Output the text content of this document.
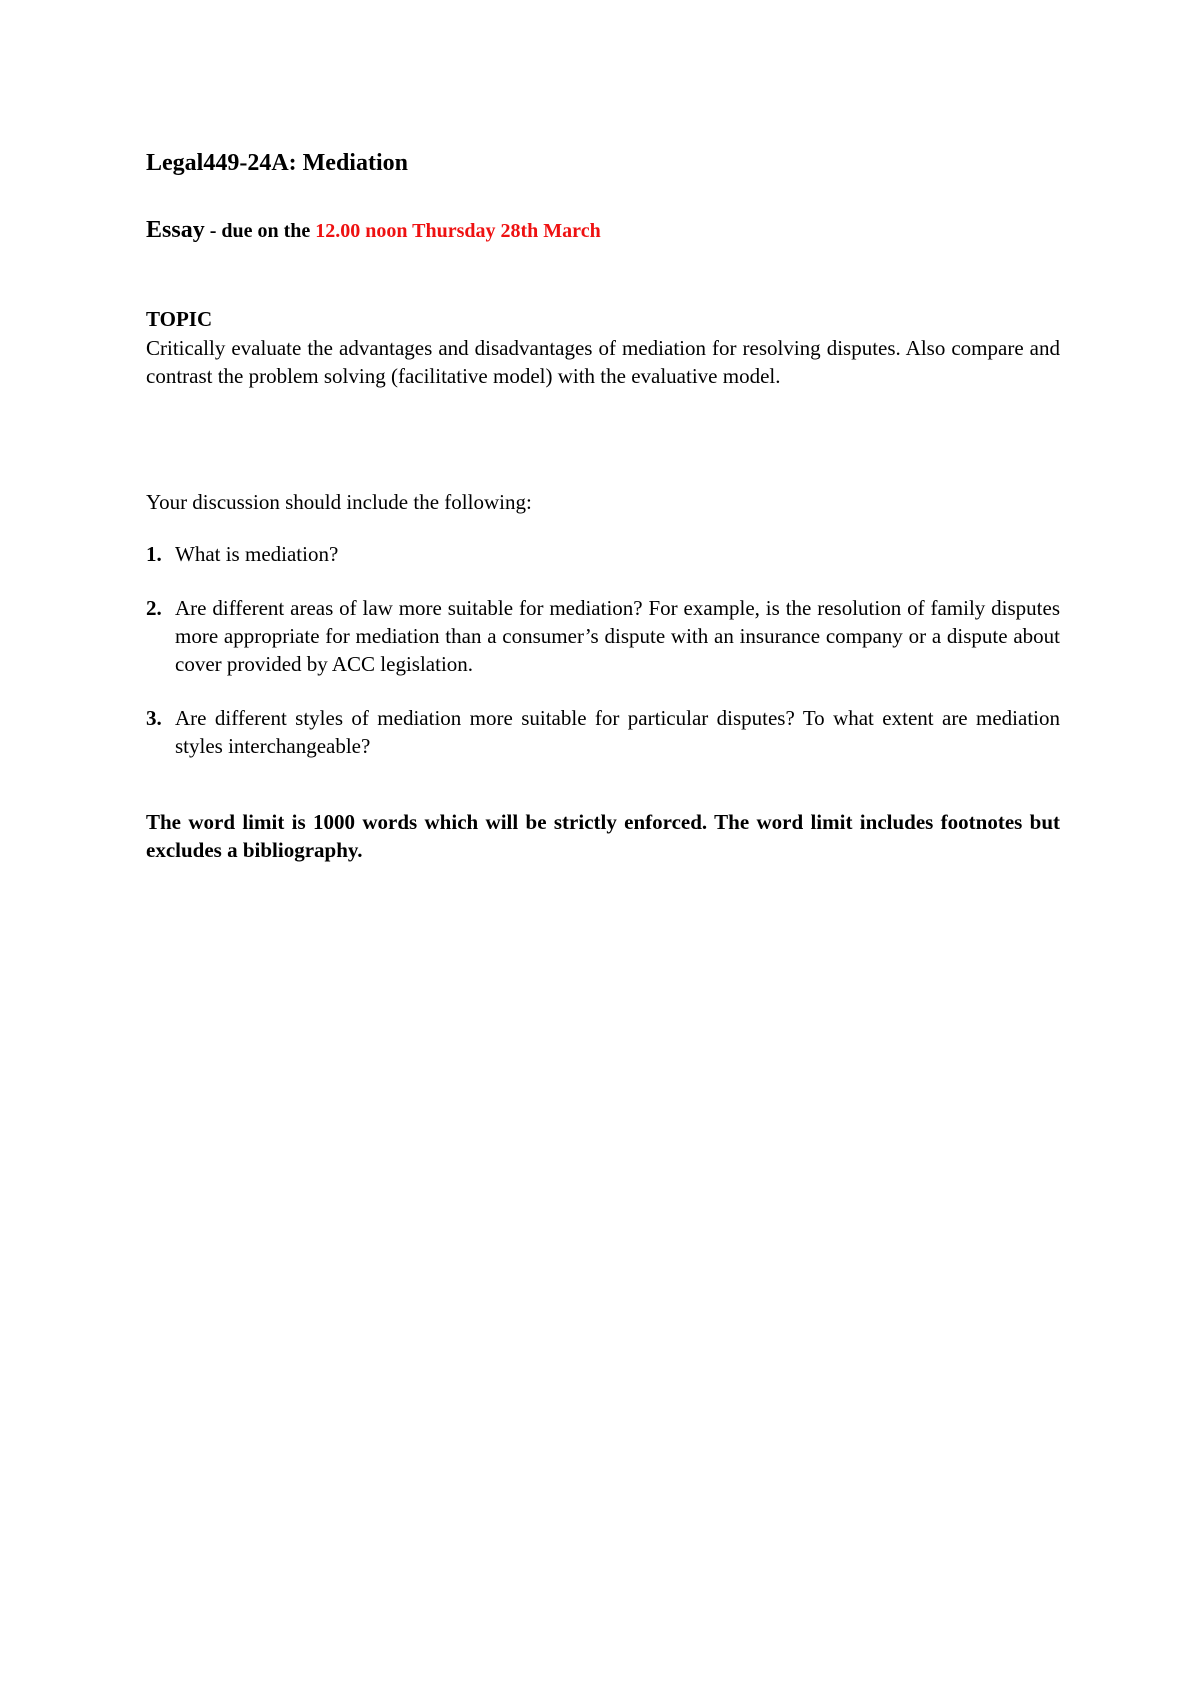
Legal449-24A: Mediation
Essay - due on the 12.00 noon Thursday 28th March
TOPIC
Critically evaluate the advantages and disadvantages of mediation for resolving disputes. Also compare and contrast the problem solving (facilitative model) with the evaluative model.
Your discussion should include the following:
1. What is mediation?
2. Are different areas of law more suitable for mediation? For example, is the resolution of family disputes more appropriate for mediation than a consumer’s dispute with an insurance company or a dispute about cover provided by ACC legislation.
3. Are different styles of mediation more suitable for particular disputes? To what extent are mediation styles interchangeable?
The word limit is 1000 words which will be strictly enforced. The word limit includes footnotes but excludes a bibliography.
